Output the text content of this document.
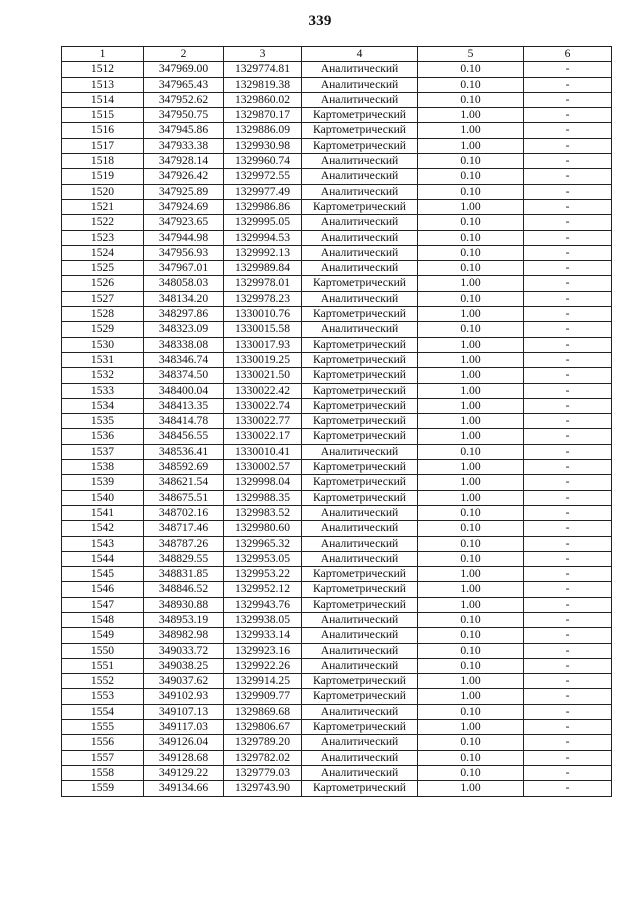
339
1	2	3	4	5	6
1512	347969.00	1329774.81	Аналитический	0.10	-
1513	347965.43	1329819.38	Аналитический	0.10	-
1514	347952.62	1329860.02	Аналитический	0.10	-
1515	347950.75	1329870.17	Картометрический	1.00	-
1516	347945.86	1329886.09	Картометрический	1.00	-
1517	347933.38	1329930.98	Картометрический	1.00	-
1518	347928.14	1329960.74	Аналитический	0.10	-
1519	347926.42	1329972.55	Аналитический	0.10	-
1520	347925.89	1329977.49	Аналитический	0.10	-
1521	347924.69	1329986.86	Картометрический	1.00	-
1522	347923.65	1329995.05	Аналитический	0.10	-
1523	347944.98	1329994.53	Аналитический	0.10	-
1524	347956.93	1329992.13	Аналитический	0.10	-
1525	347967.01	1329989.84	Аналитический	0.10	-
1526	348058.03	1329978.01	Картометрический	1.00	-
1527	348134.20	1329978.23	Аналитический	0.10	-
1528	348297.86	1330010.76	Картометрический	1.00	-
1529	348323.09	1330015.58	Аналитический	0.10	-
1530	348338.08	1330017.93	Картометрический	1.00	-
1531	348346.74	1330019.25	Картометрический	1.00	-
1532	348374.50	1330021.50	Картометрический	1.00	-
1533	348400.04	1330022.42	Картометрический	1.00	-
1534	348413.35	1330022.74	Картометрический	1.00	-
1535	348414.78	1330022.77	Картометрический	1.00	-
1536	348456.55	1330022.17	Картометрический	1.00	-
1537	348536.41	1330010.41	Аналитический	0.10	-
1538	348592.69	1330002.57	Картометрический	1.00	-
1539	348621.54	1329998.04	Картометрический	1.00	-
1540	348675.51	1329988.35	Картометрический	1.00	-
1541	348702.16	1329983.52	Аналитический	0.10	-
1542	348717.46	1329980.60	Аналитический	0.10	-
1543	348787.26	1329965.32	Аналитический	0.10	-
1544	348829.55	1329953.05	Аналитический	0.10	-
1545	348831.85	1329953.22	Картометрический	1.00	-
1546	348846.52	1329952.12	Картометрический	1.00	-
1547	348930.88	1329943.76	Картометрический	1.00	-
1548	348953.19	1329938.05	Аналитический	0.10	-
1549	348982.98	1329933.14	Аналитический	0.10	-
1550	349033.72	1329923.16	Аналитический	0.10	-
1551	349038.25	1329922.26	Аналитический	0.10	-
1552	349037.62	1329914.25	Картометрический	1.00	-
1553	349102.93	1329909.77	Картометрический	1.00	-
1554	349107.13	1329869.68	Аналитический	0.10	-
1555	349117.03	1329806.67	Картометрический	1.00	-
1556	349126.04	1329789.20	Аналитический	0.10	-
1557	349128.68	1329782.02	Аналитический	0.10	-
1558	349129.22	1329779.03	Аналитический	0.10	-
1559	349134.66	1329743.90	Картометрический	1.00	-
